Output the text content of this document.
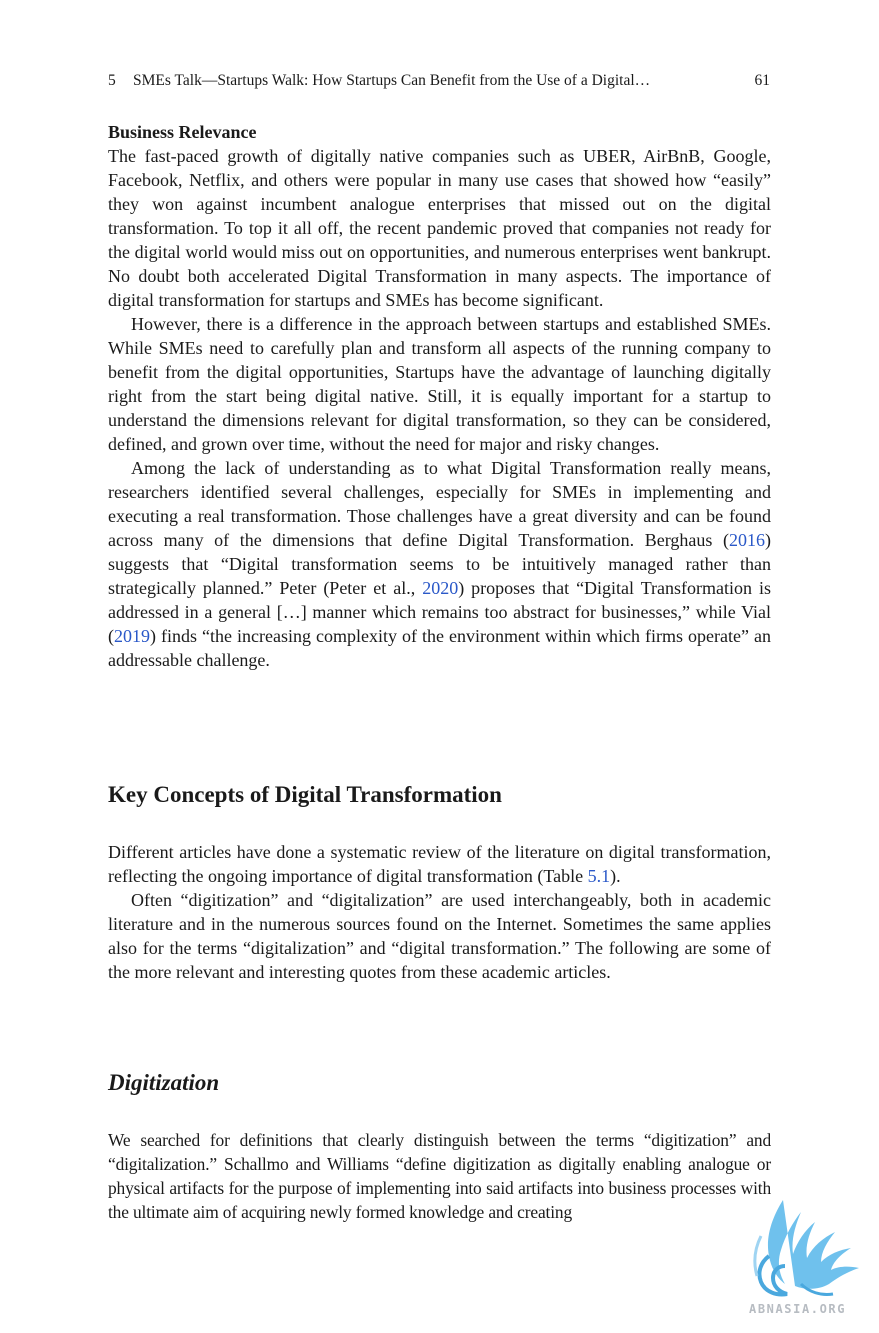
5 SMEs Talk—Startups Walk: How Startups Can Benefit from the Use of a Digital…	61
Business Relevance

The fast-paced growth of digitally native companies such as UBER, AirBnB, Google, Facebook, Netflix, and others were popular in many use cases that showed how “easily” they won against incumbent analogue enterprises that missed out on the digital transformation. To top it all off, the recent pandemic proved that companies not ready for the digital world would miss out on opportunities, and numerous enterprises went bankrupt. No doubt both accelerated Digital Transformation in many aspects. The importance of digital transformation for startups and SMEs has become significant.

However, there is a difference in the approach between startups and established SMEs. While SMEs need to carefully plan and transform all aspects of the running company to benefit from the digital opportunities, Startups have the advantage of launching digitally right from the start being digital native. Still, it is equally important for a startup to understand the dimensions relevant for digital transformation, so they can be considered, defined, and grown over time, without the need for major and risky changes.

Among the lack of understanding as to what Digital Transformation really means, researchers identified several challenges, especially for SMEs in implementing and executing a real transformation. Those challenges have a great diversity and can be found across many of the dimensions that define Digital Transformation. Berghaus (2016) suggests that “Digital transformation seems to be intuitively managed rather than strategically planned.” Peter (Peter et al., 2020) proposes that “Digital Transformation is addressed in a general […] manner which remains too abstract for businesses,” while Vial (2019) finds “the increasing complexity of the environment within which firms operate” an addressable challenge.

Key Concepts of Digital Transformation

Different articles have done a systematic review of the literature on digital transformation, reflecting the ongoing importance of digital transformation (Table 5.1).

Often “digitization” and “digitalization” are used interchangeably, both in academic literature and in the numerous sources found on the Internet. Sometimes the same applies also for the terms “digitalization” and “digital transformation.” The following are some of the more relevant and interesting quotes from these academic articles.

Digitization

We searched for definitions that clearly distinguish between the terms “digitization” and “digitalization.” Schallmo and Williams “define digitization as digitally enabling analogue or physical artifacts for the purpose of implementing into said artifacts into business processes with the ultimate aim of acquiring newly formed knowledge and creating

ABNASIA.ORG
